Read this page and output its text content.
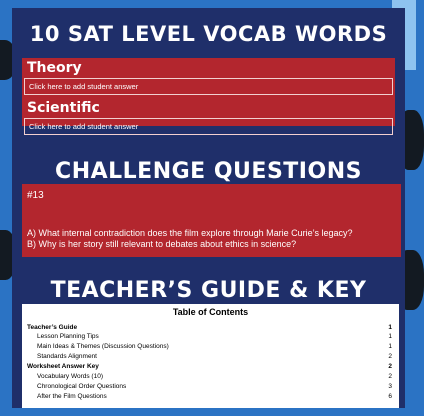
10 SAT LEVEL VOCAB WORDS
Theory
Click here to add student answer
Scientific
Click here to add student answer
CHALLENGE QUESTIONS
#13
A) What internal contradiction does the film explore through Marie Curie’s legacy?
B) Why is her story still relevant to debates about ethics in science?
TEACHER’S GUIDE & KEY
Table of Contents
Teacher’s Guide	1
Lesson Planning Tips	1
Main Ideas & Themes (Discussion Questions)	1
Standards Alignment	2
Worksheet Answer Key	2
Vocabulary Words (10)	2
Chronological Order Questions	3
After the Film Questions	6
